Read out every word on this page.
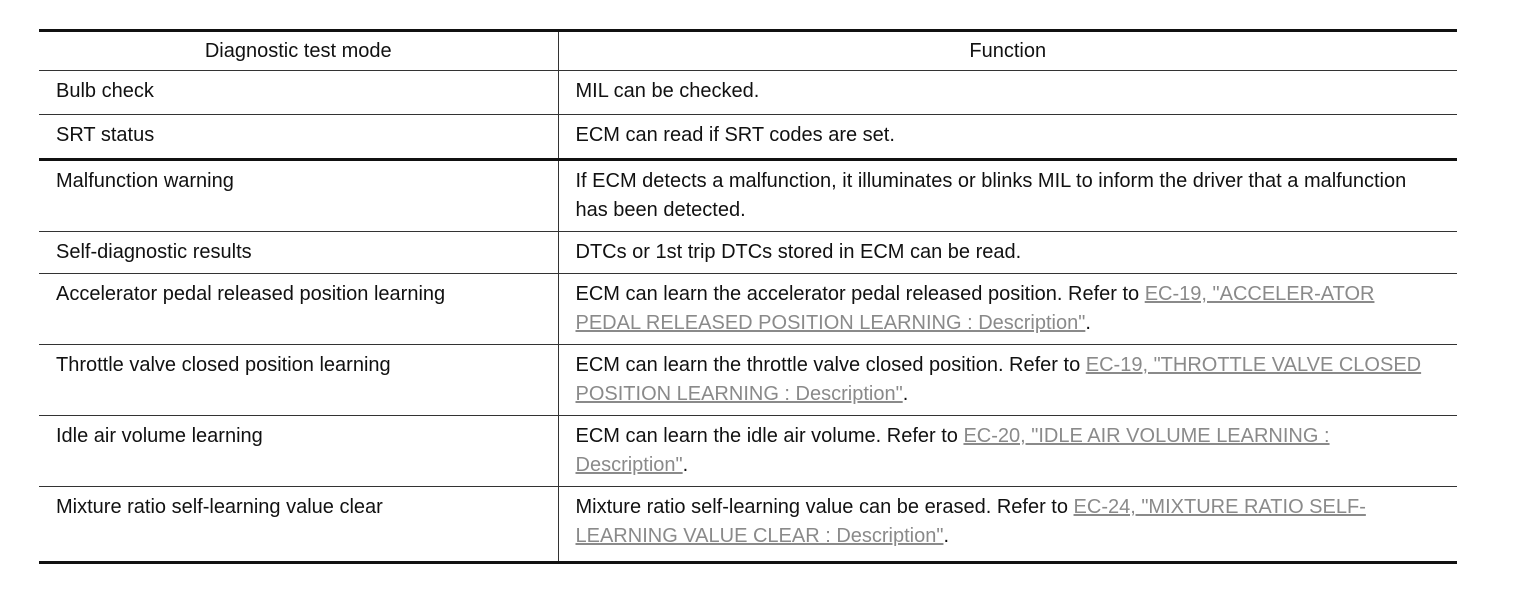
Diagnostic test mode	Function
Bulb check	MIL can be checked.
SRT status	ECM can read if SRT codes are set.
Malfunction warning	If ECM detects a malfunction, it illuminates or blinks MIL to inform the driver that a malfunction has been detected.
Self-diagnostic results	DTCs or 1st trip DTCs stored in ECM can be read.
Accelerator pedal released position learning	ECM can learn the accelerator pedal released position. Refer to EC-19, "ACCELER-ATOR PEDAL RELEASED POSITION LEARNING : Description".
Throttle valve closed position learning	ECM can learn the throttle valve closed position. Refer to EC-19, "THROTTLE VALVE CLOSED POSITION LEARNING : Description".
Idle air volume learning	ECM can learn the idle air volume. Refer to EC-20, "IDLE AIR VOLUME LEARNING : Description".
Mixture ratio self-learning value clear	Mixture ratio self-learning value can be erased. Refer to EC-24, "MIXTURE RATIO SELF-LEARNING VALUE CLEAR : Description".
